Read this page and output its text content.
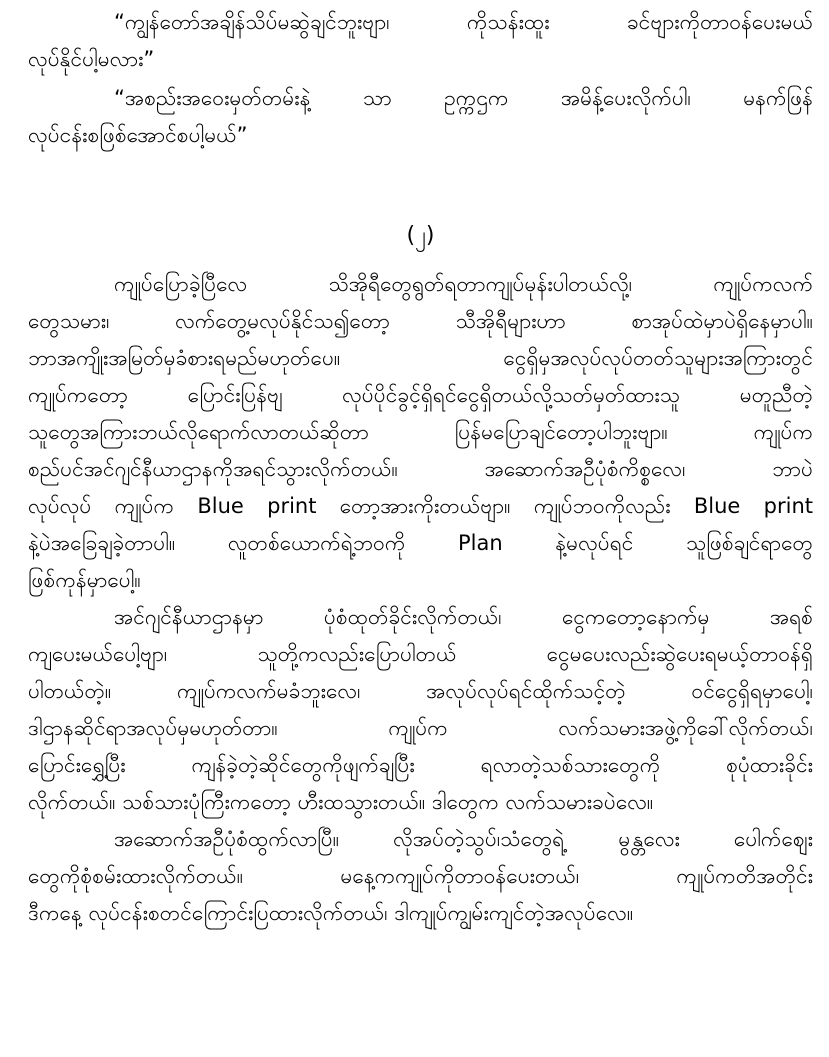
“ကျွန်တော်အချိန်သိပ်မဆွဲချင်ဘူးဗျာ၊ ကိုသန်းထူး ခင်ဗျားကိုတာဝန်ပေးမယ်
လုပ်နိုင်ပါ့မလား”
“အစည်းအဝေးမှတ်တမ်းနဲ့ သာ ဥက္ကဌက အမိန့်ပေးလိုက်ပါ၊ မနက်ဖြန်
လုပ်ငန်းစဖြစ်အောင်စပါ့မယ်”
(၂)
ကျုပ်ပြောခဲ့ပြီလေ သိအိုရီတွေရွတ်ရတာကျုပ်မုန်းပါတယ်လို့၊ ကျုပ်ကလက်
တွေသမား၊ လက်တွေ့မလုပ်နိုင်သ၍တော့ သီအိုရီများဟာ စာအုပ်ထဲမှာပဲရှိနေမှာပါ။
ဘာအကျိုးအမြတ်မှခံစားရမည်မဟုတ်ပေ။ ငွေရှိမှအလုပ်လုပ်တတ်သူများအကြားတွင်
ကျုပ်ကတော့ ပြောင်းပြန်ဗျ လုပ်ပိုင်ခွင့်ရှိရင်ငွေရှိတယ်လို့သတ်မှတ်ထားသူ မတူညီတဲ့
သူတွေအကြားဘယ်လိုရောက်လာတယ်ဆိုတာ ပြန်မပြောချင်တော့ပါဘူးဗျာ။ ကျုပ်က
စည်ပင်အင်ဂျင်နီယာဌာနကိုအရင်သွားလိုက်တယ်။ အဆောက်အဦပုံစံကိစ္စလေ၊ ဘာပဲ
လုပ်လုပ် ကျုပ်က Blue print တော့အားကိုးတယ်ဗျာ။ ကျုပ်ဘဝကိုလည်း Blue print
နဲ့ပဲအခြေချခဲ့တာပါ။ လူတစ်ယောက်ရဲ့ဘဝကို Plan နဲ့မလုပ်ရင် သူဖြစ်ချင်ရာတွေ
ဖြစ်ကုန်မှာပေါ့။
အင်ဂျင်နီယာဌာနမှာ ပုံစံထုတ်ခိုင်းလိုက်တယ်၊ ငွေကတော့နောက်မှ အရစ်
ကျပေးမယ်ပေါ့ဗျာ၊ သူတို့ကလည်းပြောပါတယ် ငွေမပေးလည်းဆွဲပေးရမယ့်တာဝန်ရှိ
ပါတယ်တဲ့။ ကျုပ်ကလက်မခံဘူးလေ၊ အလုပ်လုပ်ရင်ထိုက်သင့်တဲ့ ဝင်ငွေရှိရမှာပေါ့၊
ဒါဌာနဆိုင်ရာအလုပ်မှမဟုတ်တာ။ ကျုပ်က လက်သမားအဖွဲ့ကိုခေါ်လိုက်တယ်၊
ပြောင်းရွှေ့ပြီး ကျန်ခဲ့တဲ့ဆိုင်တွေကိုဖျက်ချပြီး ရလာတဲ့သစ်သားတွေကို စုပုံထားခိုင်း
လိုက်တယ်။ သစ်သားပုံကြီးကတော့ ဟီးထသွားတယ်။ ဒါတွေက လက်သမားခပဲလေ။
အဆောက်အဦပုံစံထွက်လာပြီ။ လိုအပ်တဲ့သွပ်၊သံတွေရဲ့ မွန္တလေး ပေါက်ဈေး
တွေကိုစုံစမ်းထားလိုက်တယ်။ မနေ့ကကျုပ်ကိုတာဝန်ပေးတယ်၊ ကျုပ်ကတိအတိုင်း
ဒီကနေ့ လုပ်ငန်းစတင်ကြောင်းပြထားလိုက်တယ်၊ ဒါကျုပ်ကျွမ်းကျင်တဲ့အလုပ်လေ။
